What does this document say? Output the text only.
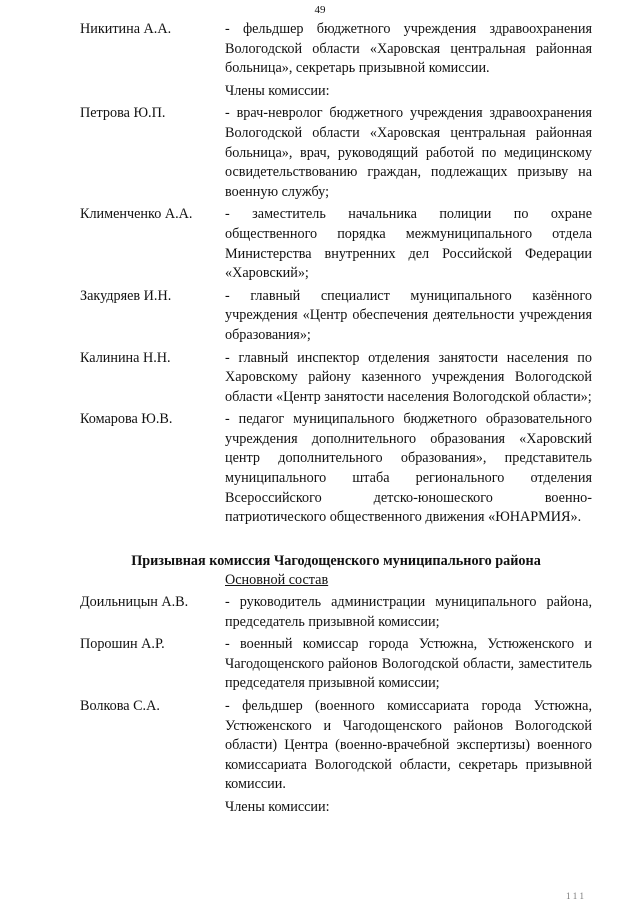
49
Никитина А.А.	- фельдшер бюджетного учреждения здравоохранения Вологодской области «Харовская центральная районная больница», секретарь призывной комиссии.
Члены комиссии:
Петрова Ю.П.	- врач-невролог бюджетного учреждения здравоохранения Вологодской области «Харовская центральная районная больница», врач, руководящий работой по медицинскому освидетельствованию граждан, подлежащих призыву на военную службу;
Клименченко А.А.	- заместитель начальника полиции по охране общественного порядка межмуниципального отдела Министерства внутренних дел Российской Федерации «Харовский»;
Закудряев И.Н.	- главный специалист муниципального казённого учреждения «Центр обеспечения деятельности учреждения образования»;
Калинина Н.Н.	- главный инспектор отделения занятости населения по Харовскому району казенного учреждения Вологодской области «Центр занятости населения Вологодской области»;
Комарова Ю.В.	- педагог муниципального бюджетного образовательного учреждения дополнительного образования «Харовский центр дополнительного образования», представитель муниципального штаба регионального отделения Всероссийского детско-юношеского военно-патриотического общественного движения «ЮНАРМИЯ».
Призывная комиссия Чагодощенского муниципального района
Основной состав
Доильницын А.В.	- руководитель администрации муниципального района, председатель призывной комиссии;
Порошин А.Р.	- военный комиссар города Устюжна, Устюженского и Чагодощенского районов Вологодской области, заместитель председателя призывной комиссии;
Волкова С.А.	- фельдшер (военного комиссариата города Устюжна, Устюженского и Чагодощенского районов Вологодской области) Центра (военно-врачебной экспертизы) военного комиссариата Вологодской области, секретарь призывной комиссии.
Члены комиссии:
1 1 1
